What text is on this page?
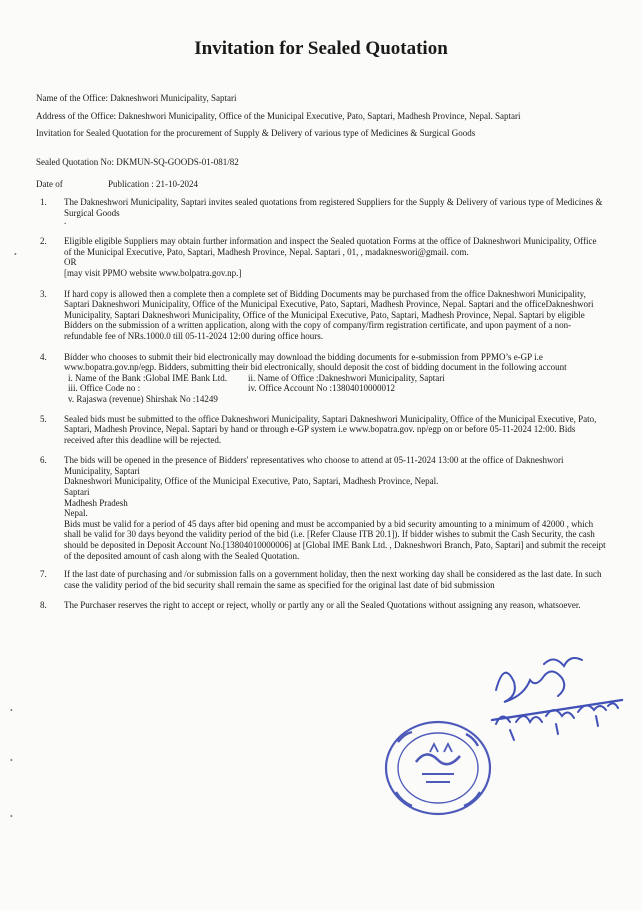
Invitation for Sealed Quotation
Name of the Office: Dakneshwori Municipality, Saptari
Address of the Office: Dakneshwori Municipality, Office of the Municipal Executive, Pato, Saptari, Madhesh Province, Nepal. Saptari
Invitation for Sealed Quotation for the procurement of Supply & Delivery of various type of Medicines & Surgical Goods
Sealed Quotation No: DKMUN-SQ-GOODS-01-081/82
Date of	Publication : 21-10-2024
1.	The Dakneshwori Municipality, Saptari invites sealed quotations from registered Suppliers for the Supply & Delivery of various type of Medicines & Surgical Goods

.
2.	Eligible eligible Suppliers may obtain further information and inspect the Sealed quotation Forms at the office of Dakneshwori Municipality, Office of the Municipal Executive, Pato, Saptari, Madhesh Province, Nepal. Saptari , 01, , madakneswori@gmail. com.

OR

[may visit PPMO website www.bolpatra.gov.np.]

3.	If hard copy is allowed then a complete then a complete set of Bidding Documents may be purchased from the office Dakneshwori Municipality, Saptari Dakneshwori Municipality, Office of the Municipal Executive, Pato, Saptari, Madhesh Province, Nepal. Saptari and the officeDakneshwori Municipality, Saptari Dakneshwori Municipality, Office of the Municipal Executive, Pato, Saptari, Madhesh Province, Nepal. Saptari by eligible Bidders on the submission of a written application, along with the copy of company/firm registration certificate, and upon payment of a non-refundable fee of NRs.1000.0 till 05-11-2024 12:00 during office hours.

4.	Bidder who chooses to submit their bid electronically may download the bidding documents for e-submission from PPMO’s e-GP i.e www.bopatra.gov.np/egp. Bidders, submitting their bid electronically, should deposit the cost of bidding document in the following account

i. Name of the Bank :Global IME Bank Ltd.	ii. Name of Office :Dakneshwori Municipality, Saptari
iii. Office Code no :	iv. Office Account No :13804010000012

v. Rajaswa (revenue) Shirshak No :14249

5.	Sealed bids must be submitted to the office Dakneshwori Municipality, Saptari Dakneshwori Municipality, Office of the Municipal Executive, Pato, Saptari, Madhesh Province, Nepal. Saptari by hand or through e-GP system i.e www.bopatra.gov. np/egp on or before 05-11-2024 12:00. Bids received after this deadline will be rejected.

6.	The bids will be opened in the presence of Bidders' representatives who choose to attend at 05-11-2024 13:00 at the office of Dakneshwori Municipality, Saptari

Dakneshwori Municipality, Office of the Municipal Executive, Pato, Saptari, Madhesh Province, Nepal.

Saptari

Madhesh Pradesh

Nepal.

Bids must be valid for a period of 45 days after bid opening and must be accompanied by a bid security amounting to a minimum of 42000 , which shall be valid for 30 days beyond the validity period of the bid (i.e. [Refer Clause ITB 20.1]). If bidder wishes to submit the Cash Security, the cash should be deposited in Deposit Account No.[13804010000006] at [Global IME Bank Ltd. , Dakneshwori Branch, Pato, Saptari] and submit the receipt of the deposited amount of cash along with the Sealed Quotation.

7.	If the last date of purchasing and /or submission falls on a government holiday, then the next working day shall be considered as the last date. In such case the validity period of the bid security shall remain the same as specified for the original last date of bid submission

8.	The Purchaser reserves the right to accept or reject, wholly or partly any or all the Sealed Quotations without assigning any reason, whatsoever.

•
•
•
•
